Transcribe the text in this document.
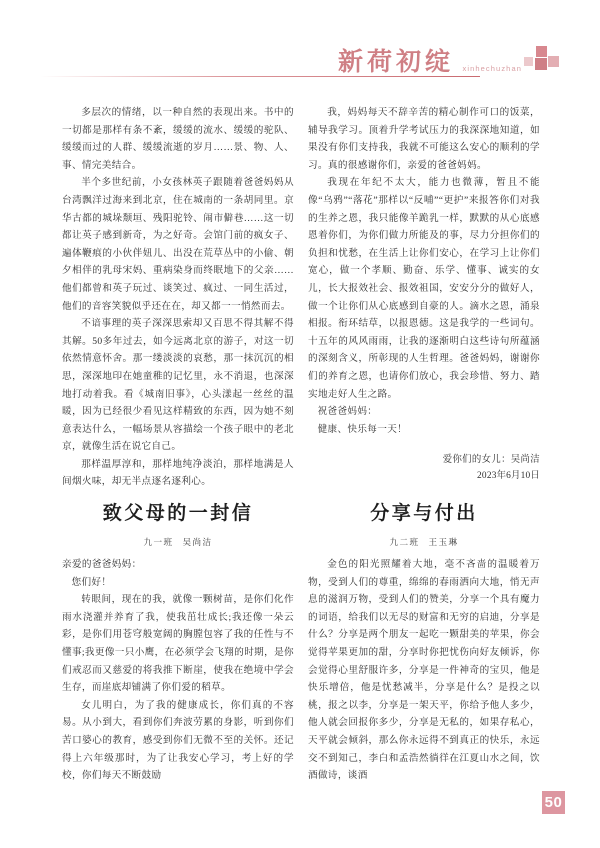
新荷初绽 xinhechuzhan

多层次的情绪，以一种自然的表现出来。书中的一切都是那样有条不紊，缓缓的流水、缓缓的驼队、缓缓而过的人群、缓缓流逝的岁月……景、物、人、事、情完美结合。

半个多世纪前，小女孩林英子跟随着爸爸妈妈从台湾飘洋过海来到北京，住在城南的一条胡同里。京华古都的城垛颓垣、残阳驼铃、闹市僻巷……这一切都让英子感到新奇，为之好奇。会馆门前的疯女子、遍体鞭痕的小伙伴妞儿、出没在荒草丛中的小偷、朝夕相伴的乳母宋妈、重病染身而终眠地下的父亲……他们都曾和英子玩过、谈笑过、疯过、一同生活过，他们的音容笑貌似乎还在在，却又都一一悄然而去。

不谙事理的英子深深思索却又百思不得其解不得其解。50多年过去，如今远离北京的游子，对这一切依然情意怀舍。那一缕淡淡的哀愁，那一抹沉沉的相思，深深地印在她童稚的记忆里，永不消退，也深深地打动着我。看《城南旧事》，心头漾起一丝丝的温暖，因为已经很少看见这样精致的东西，因为她不刻意表达什么，一幅场景从容描绘一个孩子眼中的老北京，就像生活在说它自己。

那样温厚淳和，那样地纯净淡泊，那样地满是人间烟火味，却无半点逐名逐利心。

我，妈妈每天不辞辛苦的精心制作可口的饭菜，辅导我学习。顶着升学考试压力的我深深地知道，如果没有你们支持我，我就不可能这么安心的顺利的学习。真的很感谢你们，亲爱的爸爸妈妈。

我现在年纪不太大，能力也微薄，暂且不能像“乌鸦”“落花”那样以“反哺”“更护”来报答你们对我的生养之恩，我只能像羊跪乳一样，默默的从心底感恩着你们，为你们做力所能及的事，尽力分担你们的负担和忧愁，在生活上让你们安心，在学习上让你们宽心，做一个孝顺、勤奋、乐学、懂事、诚实的女儿，长大报效社会、报效祖国，安安分分的做好人，做一个让你们从心底感到自豪的人。滴水之恩，涌泉相报。衔环结草，以报恩德。这是我学的一些词句。十五年的风风雨雨，让我的逐渐明白这些诗句所蕴涵的深刻含义，所彰现的人生哲理。爸爸妈妈，谢谢你们的养育之恩，也请你们放心，我会珍惜、努力、踏实地走好人生之路。

祝爸爸妈妈：

健康、快乐每一天！

爱你们的女儿：吴尚洁
2023年6月10日
致父母的一封信
九一班 吴尚洁
分享与付出
九二班 王玉琳

亲爱的爸爸妈妈：

您们好！

转眼间，现在的我，就像一颗树苗，是你们化作雨水浇灌并养育了我，使我茁壮成长;我还像一朵云彩，是你们用苍穹般宽阔的胸膛包容了我的任性与不懂事;我更像一只小鹰，在必须学会飞翔的时期，是你们戒忍而又慈爱的将我推下断崖，使我在绝境中学会生存，而崖底却铺满了你们爱的稻草。

女儿明白，为了我的健康成长，你们真的不容易。从小到大，看到你们奔波劳累的身影，听到你们苦口婆心的教育，感受到你们无微不至的关怀。还记得上六年级那时，为了让我安心学习，考上好的学校，你们每天不断鼓励

金色的阳光照耀着大地，毫不吝啬的温暖着万物，受到人们的尊重，绵绵的春雨洒向大地，悄无声息的滋润万物，受到人们的赞美，分享一个具有魔力的词语，给我们以无尽的财富和无穷的启迪，分享是什么？分享是两个朋友一起吃一颗甜美的苹果，你会觉得苹果更加的甜，分享时你把忧伤向好友倾诉，你会觉得心里舒服许多，分享是一件神奇的宝贝，他是快乐增倍，他是忧愁减半，分享是什么？是投之以桃，报之以李，分享是一架天平，你给予他人多少，他人就会回报你多少，分享是无私的，如果存私心，天平就会倾斜，那么你永远得不到真正的快乐，永远交不到知己，李白和孟浩然徜徉在江夏山水之间，饮酒做诗，谈酒

50
